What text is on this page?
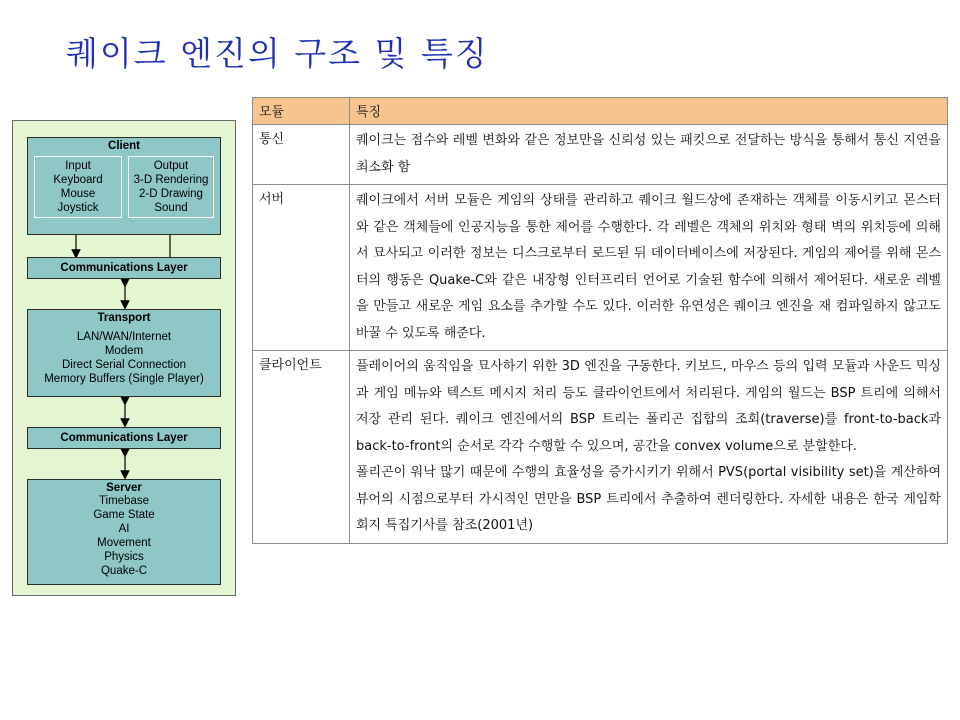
퀘이크 엔진의 구조 및 특징
Client
Input
Keyboard
Mouse
Joystick
Output
3-D Rendering
2-D Drawing
Sound
Communications Layer
Transport
LAN/WAN/Internet
Modem
Direct Serial Connection
Memory Buffers (Single Player)
Communications Layer
Server
Timebase
Game State
AI
Movement
Physics
Quake-C
모듈	특징
통신	퀘이크는 점수와 레벨 변화와 같은 정보만을 신뢰성 있는 패킷으로 전달하는 방식을 통해서 통신 지연을 최소화 함

서버	퀘이크에서 서버 모듈은 게임의 상태를 관리하고 퀘이크 월드상에 존재하는 객체를 이동시키고 몬스터와 같은 객체들에 인공지능을 통한 제어를 수행한다. 각 레벨은 객체의 위치와 형태 벽의 위치등에 의해서 묘사되고 이러한 정보는 디스크로부터 로드된 뒤 데이터베이스에 저장된다. 게임의 제어를 위해 몬스터의 행동은 Quake-C와 같은 내장형 인터프리터 언어로 기술된 함수에 의해서 제어된다. 새로운 레벨을 만들고 새로운 게임 요소를 추가할 수도 있다. 이러한 유연성은 퀘이크 엔진을 재 컴파일하지 않고도 바꿀 수 있도록 해준다.

클라이언트	플레이어의 움직임을 묘사하기 위한 3D 엔진을 구동한다. 키보드, 마우스 등의 입력 모듈과 사운드 믹싱과 게임 메뉴와 텍스트 메시지 처리 등도 클라이언트에서 처리된다. 게임의 월드는 BSP 트리에 의해서 저장 관리 된다. 퀘이크 엔진에서의 BSP 트리는 폴리곤 집합의 조회(traverse)를 front-to-back과 back-to-front의 순서로 각각 수행할 수 있으며, 공간을 convex volume으로 분할한다.

폴리곤이 워낙 많기 때문에 수행의 효율성을 증가시키기 위해서 PVS(portal visibility set)을 계산하여 뷰어의 시점으로부터 가시적인 면만을 BSP 트리에서 추출하여 렌더링한다. 자세한 내용은 한국 게임학회지 특집기사를 참조(2001년)
